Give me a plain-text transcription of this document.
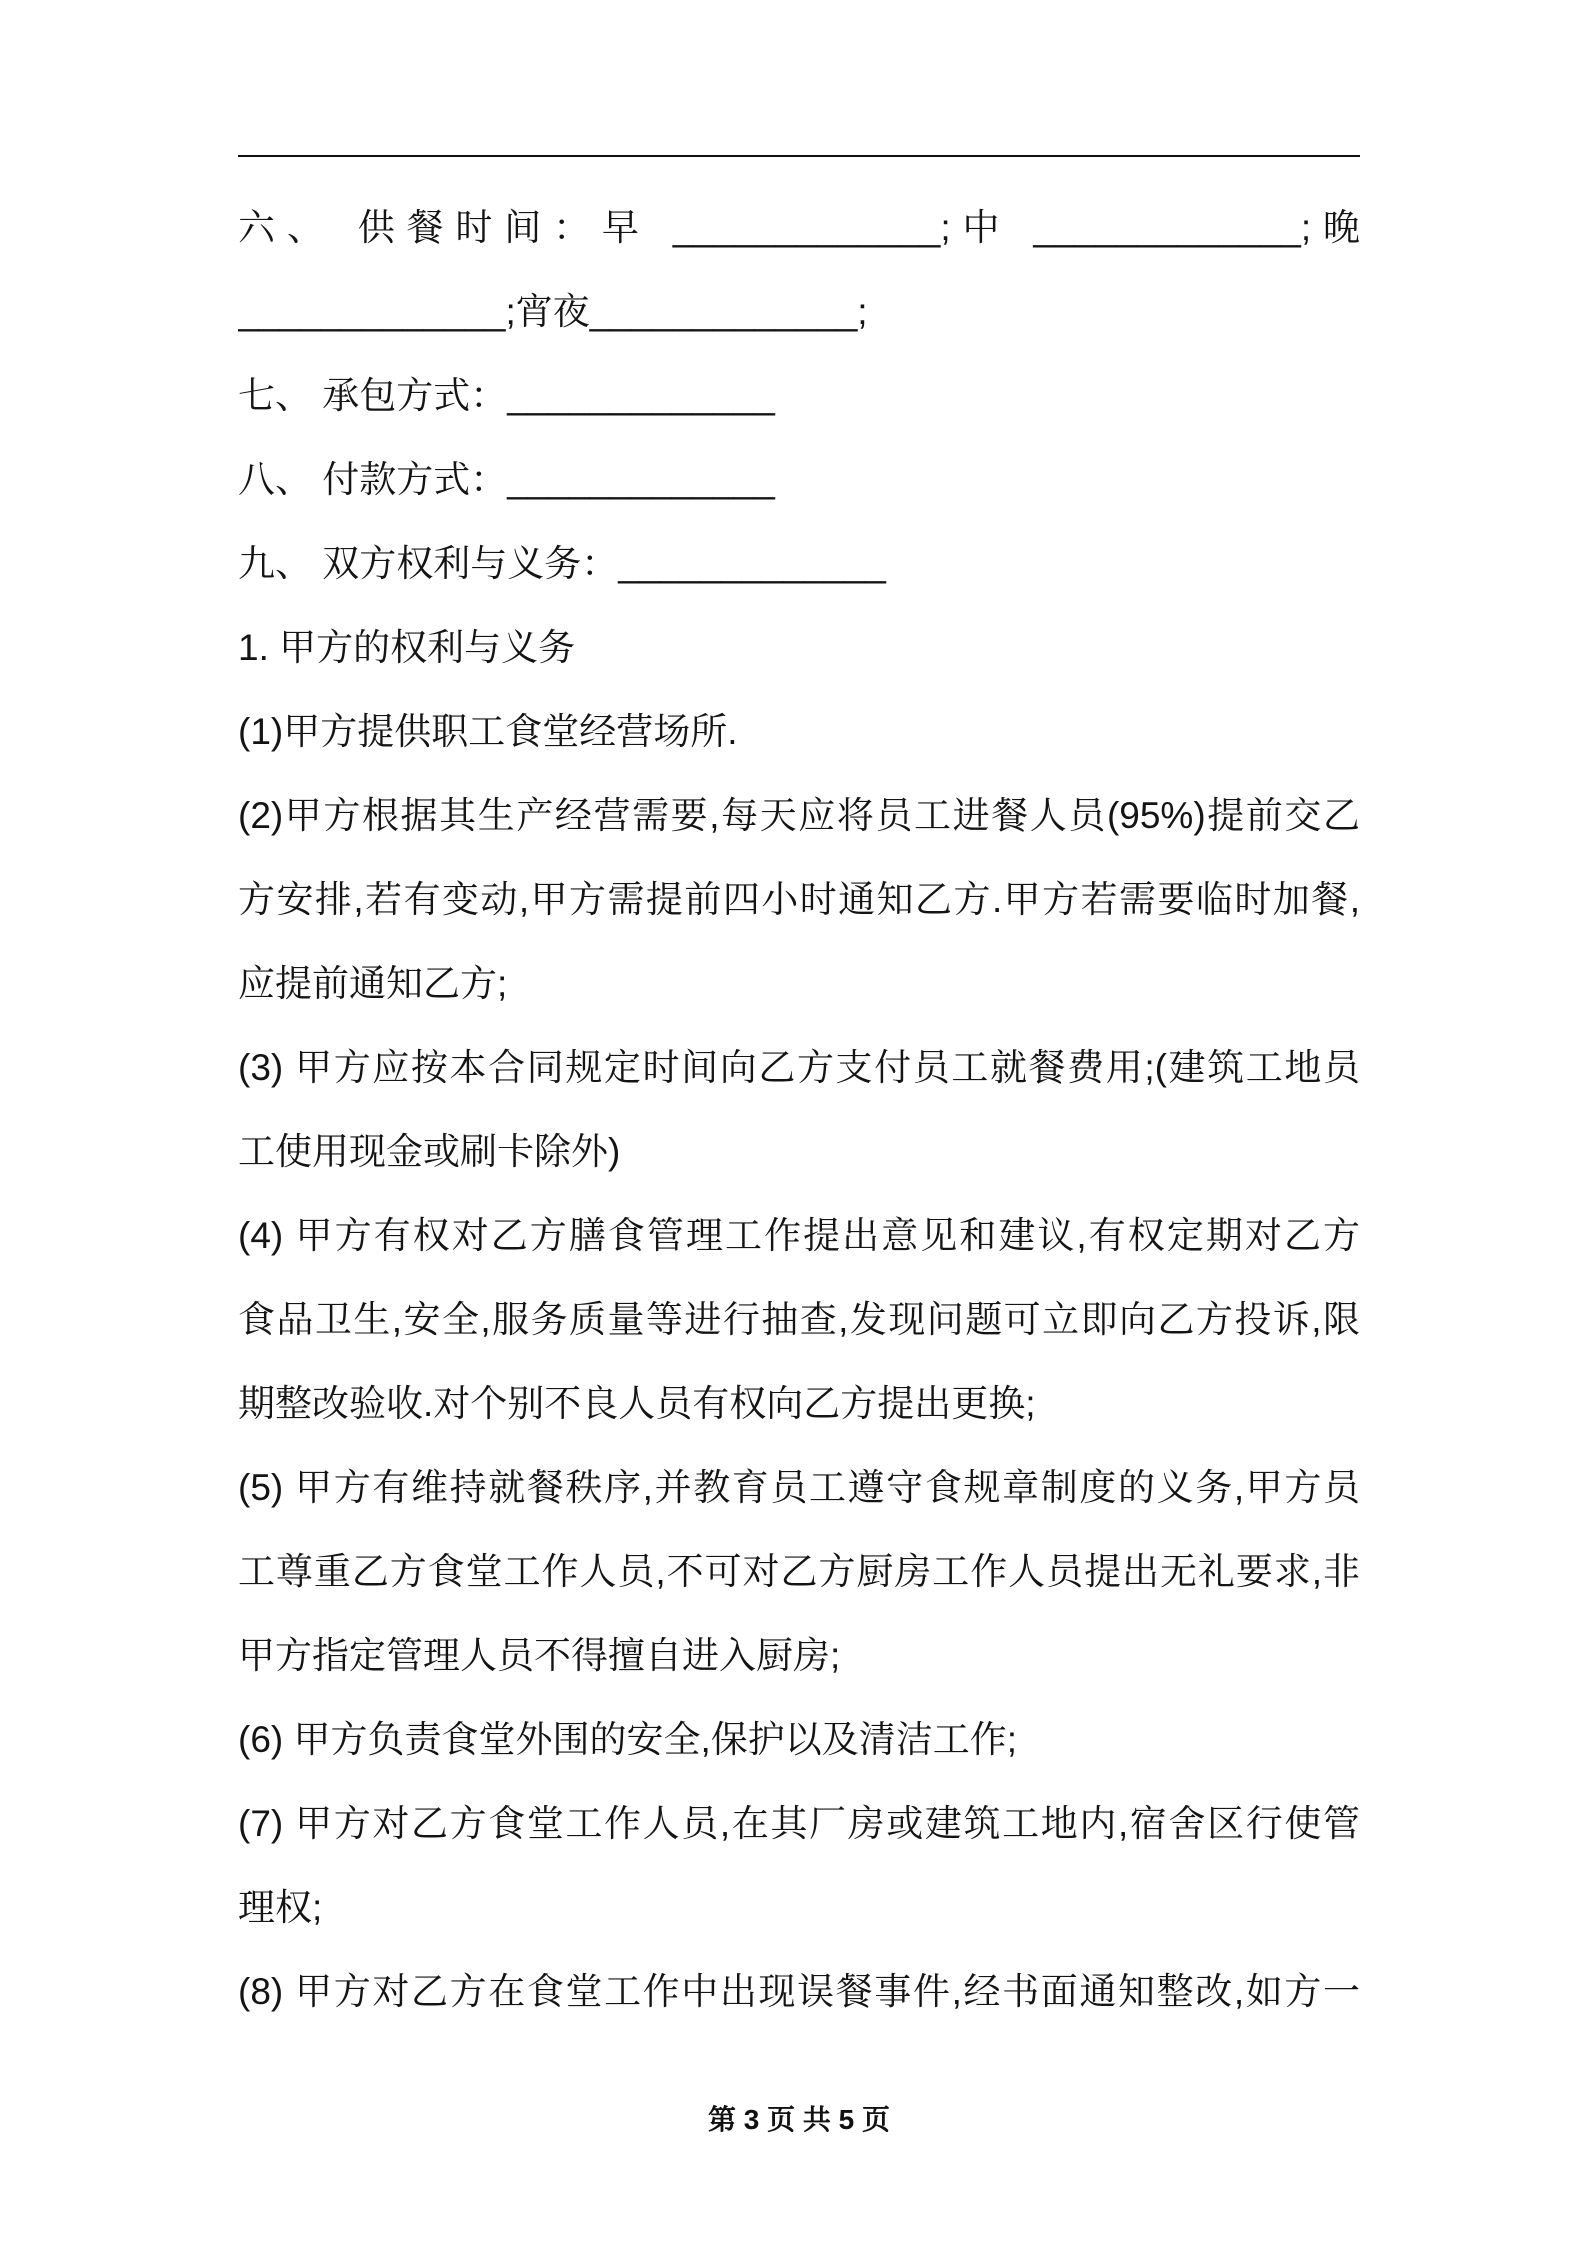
六、 供餐时间：早 _____________;中 _____________;晚
_____________;宵夜_____________;
七、 承包方式：_____________
八、 付款方式：_____________
九、 双方权利与义务：_____________
1. 甲方的权利与义务
(1)甲方提供职工食堂经营场所.
(2)甲方根据其生产经营需要,每天应将员工进餐人员(95%)提前交乙
方安排,若有变动,甲方需提前四小时通知乙方.甲方若需要临时加餐,
应提前通知乙方;
(3) 甲方应按本合同规定时间向乙方支付员工就餐费用;(建筑工地员
工使用现金或刷卡除外)
(4) 甲方有权对乙方膳食管理工作提出意见和建议,有权定期对乙方
食品卫生,安全,服务质量等进行抽查,发现问题可立即向乙方投诉,限
期整改验收.对个别不良人员有权向乙方提出更换;
(5) 甲方有维持就餐秩序,并教育员工遵守食规章制度的义务,甲方员
工尊重乙方食堂工作人员,不可对乙方厨房工作人员提出无礼要求,非
甲方指定管理人员不得擅自进入厨房;
(6) 甲方负责食堂外围的安全,保护以及清洁工作;
(7) 甲方对乙方食堂工作人员,在其厂房或建筑工地内,宿舍区行使管
理权;
(8) 甲方对乙方在食堂工作中出现误餐事件,经书面通知整改,如方一
第 3 页 共 5 页
